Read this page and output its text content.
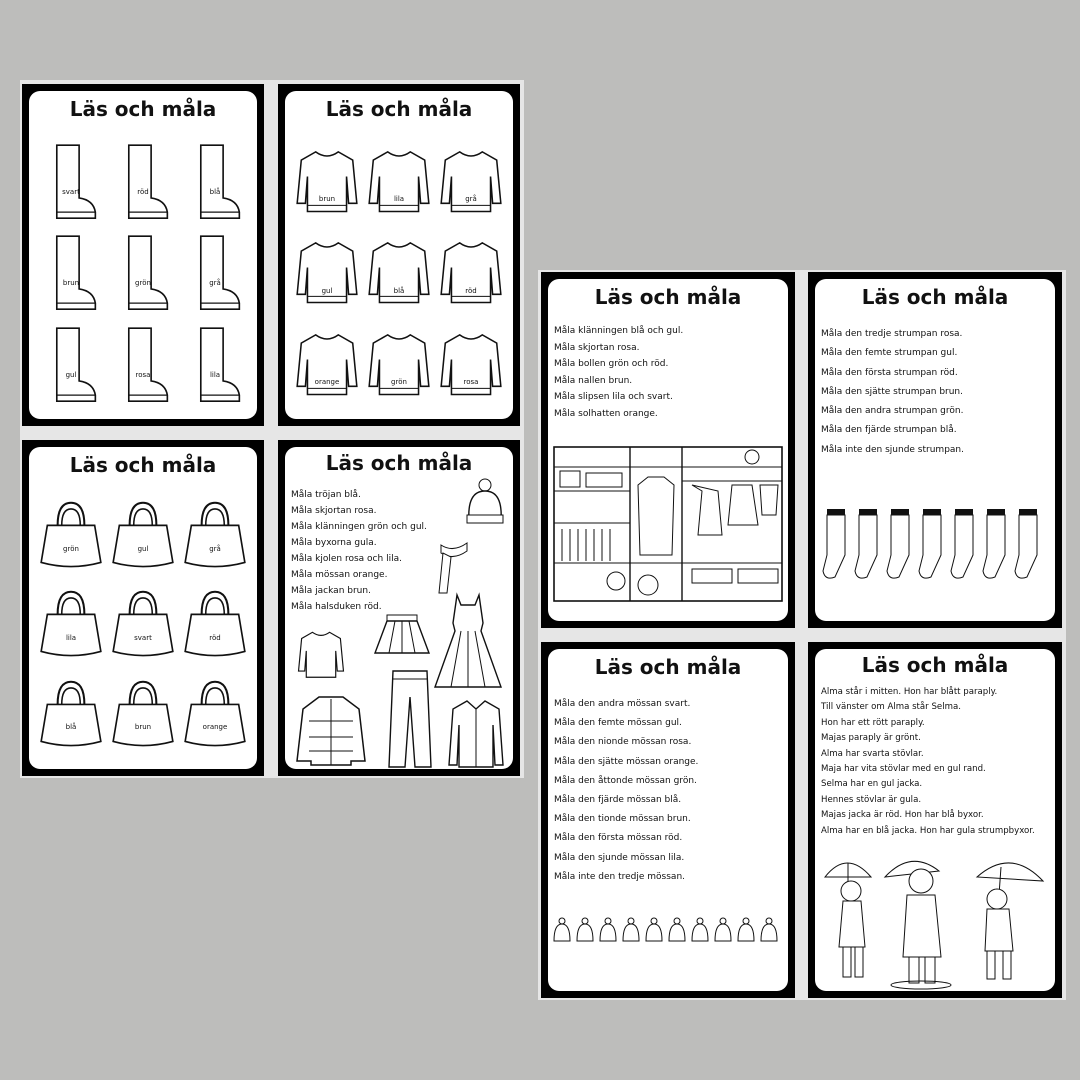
Läs och måla
svart	röd	blå
brun	grön	grå
gul	rosa	lila
Läs och måla
brun	lila	grå
gul	blå	röd
orange	grön	rosa
Läs och måla
grön	gul	grå
lila	svart	röd
blå	brun	orange
Läs och måla
Måla tröjan blå.
Måla skjortan rosa.
Måla klänningen grön och gul.
Måla byxorna gula.
Måla kjolen rosa och lila.
Måla mössan orange.
Måla jackan brun.
Måla halsduken röd.
Läs och måla
Måla klänningen blå och gul.
Måla skjortan rosa.
Måla bollen grön och röd.
Måla nallen brun.
Måla slipsen lila och svart.
Måla solhatten orange.
Läs och måla
Måla den tredje strumpan rosa.
Måla den femte strumpan gul.
Måla den första strumpan röd.
Måla den sjätte strumpan brun.
Måla den andra strumpan grön.
Måla den fjärde strumpan blå.
Måla inte den sjunde strumpan.
Läs och måla
Måla den andra mössan svart.
Måla den femte mössan gul.
Måla den nionde mössan rosa.
Måla den sjätte mössan orange.
Måla den åttonde mössan grön.
Måla den fjärde mössan blå.
Måla den tionde mössan brun.
Måla den första mössan röd.
Måla den sjunde mössan lila.
Måla inte den tredje mössan.
Läs och måla
Alma står i mitten. Hon har blått paraply.
Till vänster om Alma står Selma.
Hon har ett rött paraply.
Majas paraply är grönt.
Alma har svarta stövlar.
Maja har vita stövlar med en gul rand.
Selma har en gul jacka.
Hennes stövlar är gula.
Majas jacka är röd. Hon har blå byxor.
Alma har en blå jacka. Hon har gula strumpbyxor.
